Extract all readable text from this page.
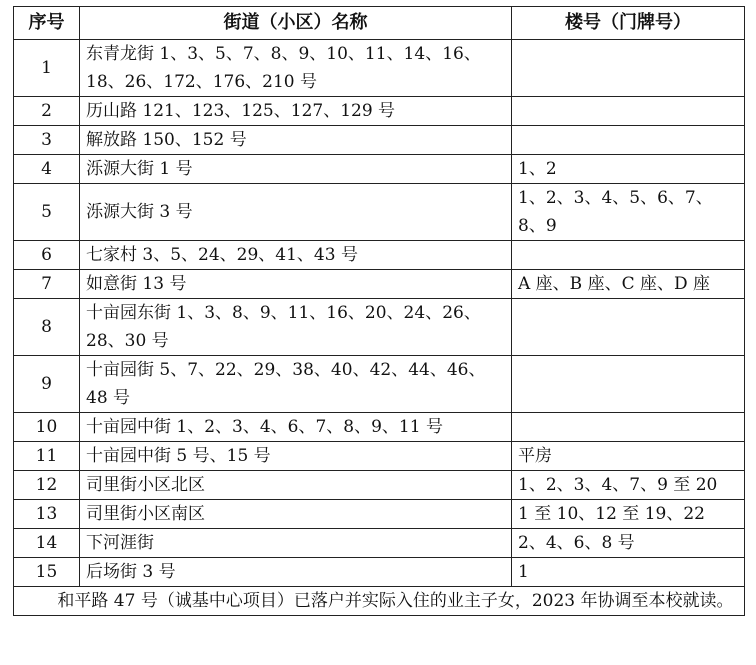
序号	街道（小区）名称	楼号（门牌号）
1	东青龙街 1、3、5、7、8、9、10、11、14、16、18、26、172、176、210 号	
2	历山路 121、123、125、127、129 号	
3	解放路 150、152 号	
4	泺源大街 1 号	1、2
5	泺源大街 3 号	1、2、3、4、5、6、7、8、9
6	七家村 3、5、24、29、41、43 号	
7	如意街 13 号	A 座、B 座、C 座、D 座
8	十亩园东街 1、3、8、9、11、16、20、24、26、28、30 号	
9	十亩园街 5、7、22、29、38、40、42、44、46、48 号	
10	十亩园中街 1、2、3、4、6、7、8、9、11 号	
11	十亩园中街 5 号、15 号	平房
12	司里街小区北区	1、2、3、4、7、9 至 20
13	司里街小区南区	1 至 10、12 至 19、22
14	下河涯街	2、4、6、8 号
15	后场街 3 号	1
和平路 47 号（诚基中心项目）已落户并实际入住的业主子女，2023 年协调至本校就读。		
